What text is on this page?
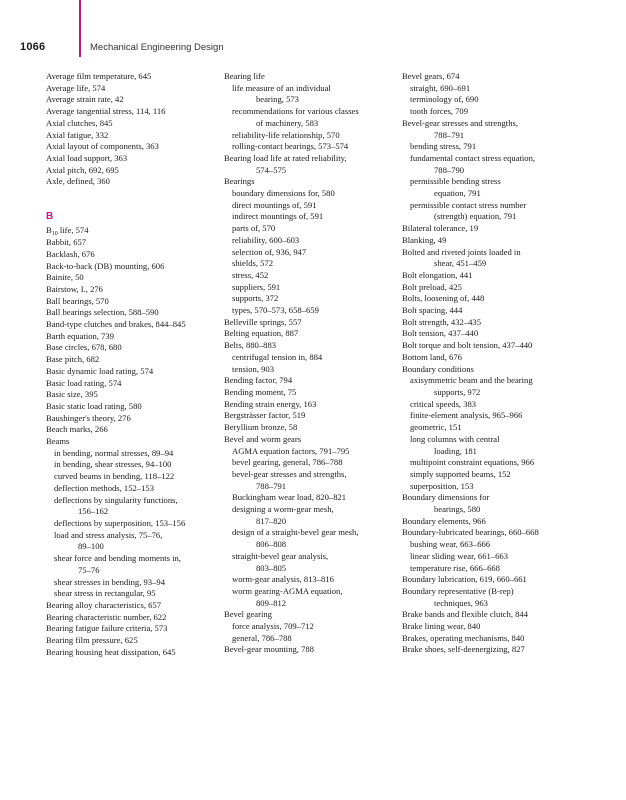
1066	Mechanical Engineering Design
Average film temperature, 645
Average life, 574
Average strain rate, 42
Average tangential stress, 114, 116
Axial clutches, 845
Axial fatigue, 332
Axial layout of components, 363
Axial load support, 363
Axial pitch, 692, 695
Axle, defined, 360
B
$B_{10}$ life, 574
Babbit, 657
Backlash, 676
Back-to-back (DB) mounting, 606
Bainite, 50
Bairstow, I., 276
Ball bearings, 570
Ball bearings selection, 588–590
Band-type clutches and brakes, 844–845
Barth equation, 739
Base circles, 678, 680
Base pitch, 682
Basic dynamic load rating, 574
Basic load rating, 574
Basic size, 395
Basic static load rating, 580
Baushinger's theory, 276
Beach marks, 266
Beams
in bending, normal stresses, 89–94
in bending, shear stresses, 94–100
curved beams in bending, 118–122
deflection methods, 152–153
deflections by singularity functions,
156–162
deflections by superposition, 153–156
load and stress analysis, 75–76,
89–100
shear force and bending moments in,
75–76
shear stresses in bending, 93–94
shear stress in rectangular, 95
Bearing alloy characteristics, 657
Bearing characteristic number, 622
Bearing fatigue failure criteria, 573
Bearing film pressure, 625
Bearing housing heat dissipation, 645
Bearing life
life measure of an individual
bearing, 573
recommendations for various classes
of machinery, 583
reliability-life relationship, 570
rolling-contact bearings, 573–574
Bearing load life at rated reliability,
574–575
Bearings
boundary dimensions for, 580
direct mountings of, 591
indirect mountings of, 591
parts of, 570
reliability, 600–603
selection of, 936, 947
shields, 572
stress, 452
suppliers, 591
supports, 372
types, 570–573, 658–659
Belleville springs, 557
Belting equation, 887
Belts, 880–883
centrifugal tension in, 884
tension, 903
Bending factor, 794
Bending moment, 75
Bending strain energy, 163
Bergsträsser factor, 519
Beryllium bronze, 58
Bevel and worm gears
AGMA equation factors, 791–795
bevel gearing, general, 786–788
bevel-gear stresses and strengths,
788–791
Buckingham wear load, 820–821
designing a worm-gear mesh,
817–820
design of a straight-bevel gear mesh,
806–808
straight-bevel gear analysis,
803–805
worm-gear analysis, 813–816
worm gearing-AGMA equation,
809–812
Bevel gearing
force analysis, 709–712
general, 786–788
Bevel-gear mounting, 788
Bevel gears, 674
straight, 690–691
terminology of, 690
tooth forces, 709
Bevel-gear stresses and strengths,
788–791
bending stress, 791
fundamental contact stress equation,
788–790
permissible bending stress
equation, 791
permissible contact stress number
(strength) equation, 791
Bilateral tolerance, 19
Blanking, 49
Bolted and riveted joints loaded in
shear, 451–459
Bolt elongation, 441
Bolt preload, 425
Bolts, loosening of, 448
Bolt spacing, 444
Bolt strength, 432–435
Bolt tension, 437–440
Bolt torque and bolt tension, 437–440
Bottom land, 676
Boundary conditions
axisymmetric beam and the bearing
supports, 972
critical speeds, 383
finite-element analysis, 965–966
geometric, 151
long columns with central
loading, 181
multipoint constraint equations, 966
simply supported beams, 152
superposition, 153
Boundary dimensions for
bearings, 580
Boundary elements, 966
Boundary-lubricated bearings, 660–668
bushing wear, 663–666
linear sliding wear, 661–663
temperature rise, 666–668
Boundary lubrication, 619, 660–661
Boundary representative (B-rep)
techniques, 963
Brake bands and flexible clutch, 844
Brake lining wear, 840
Brakes, operating mechanisms, 840
Brake shoes, self-deenergizing, 827
